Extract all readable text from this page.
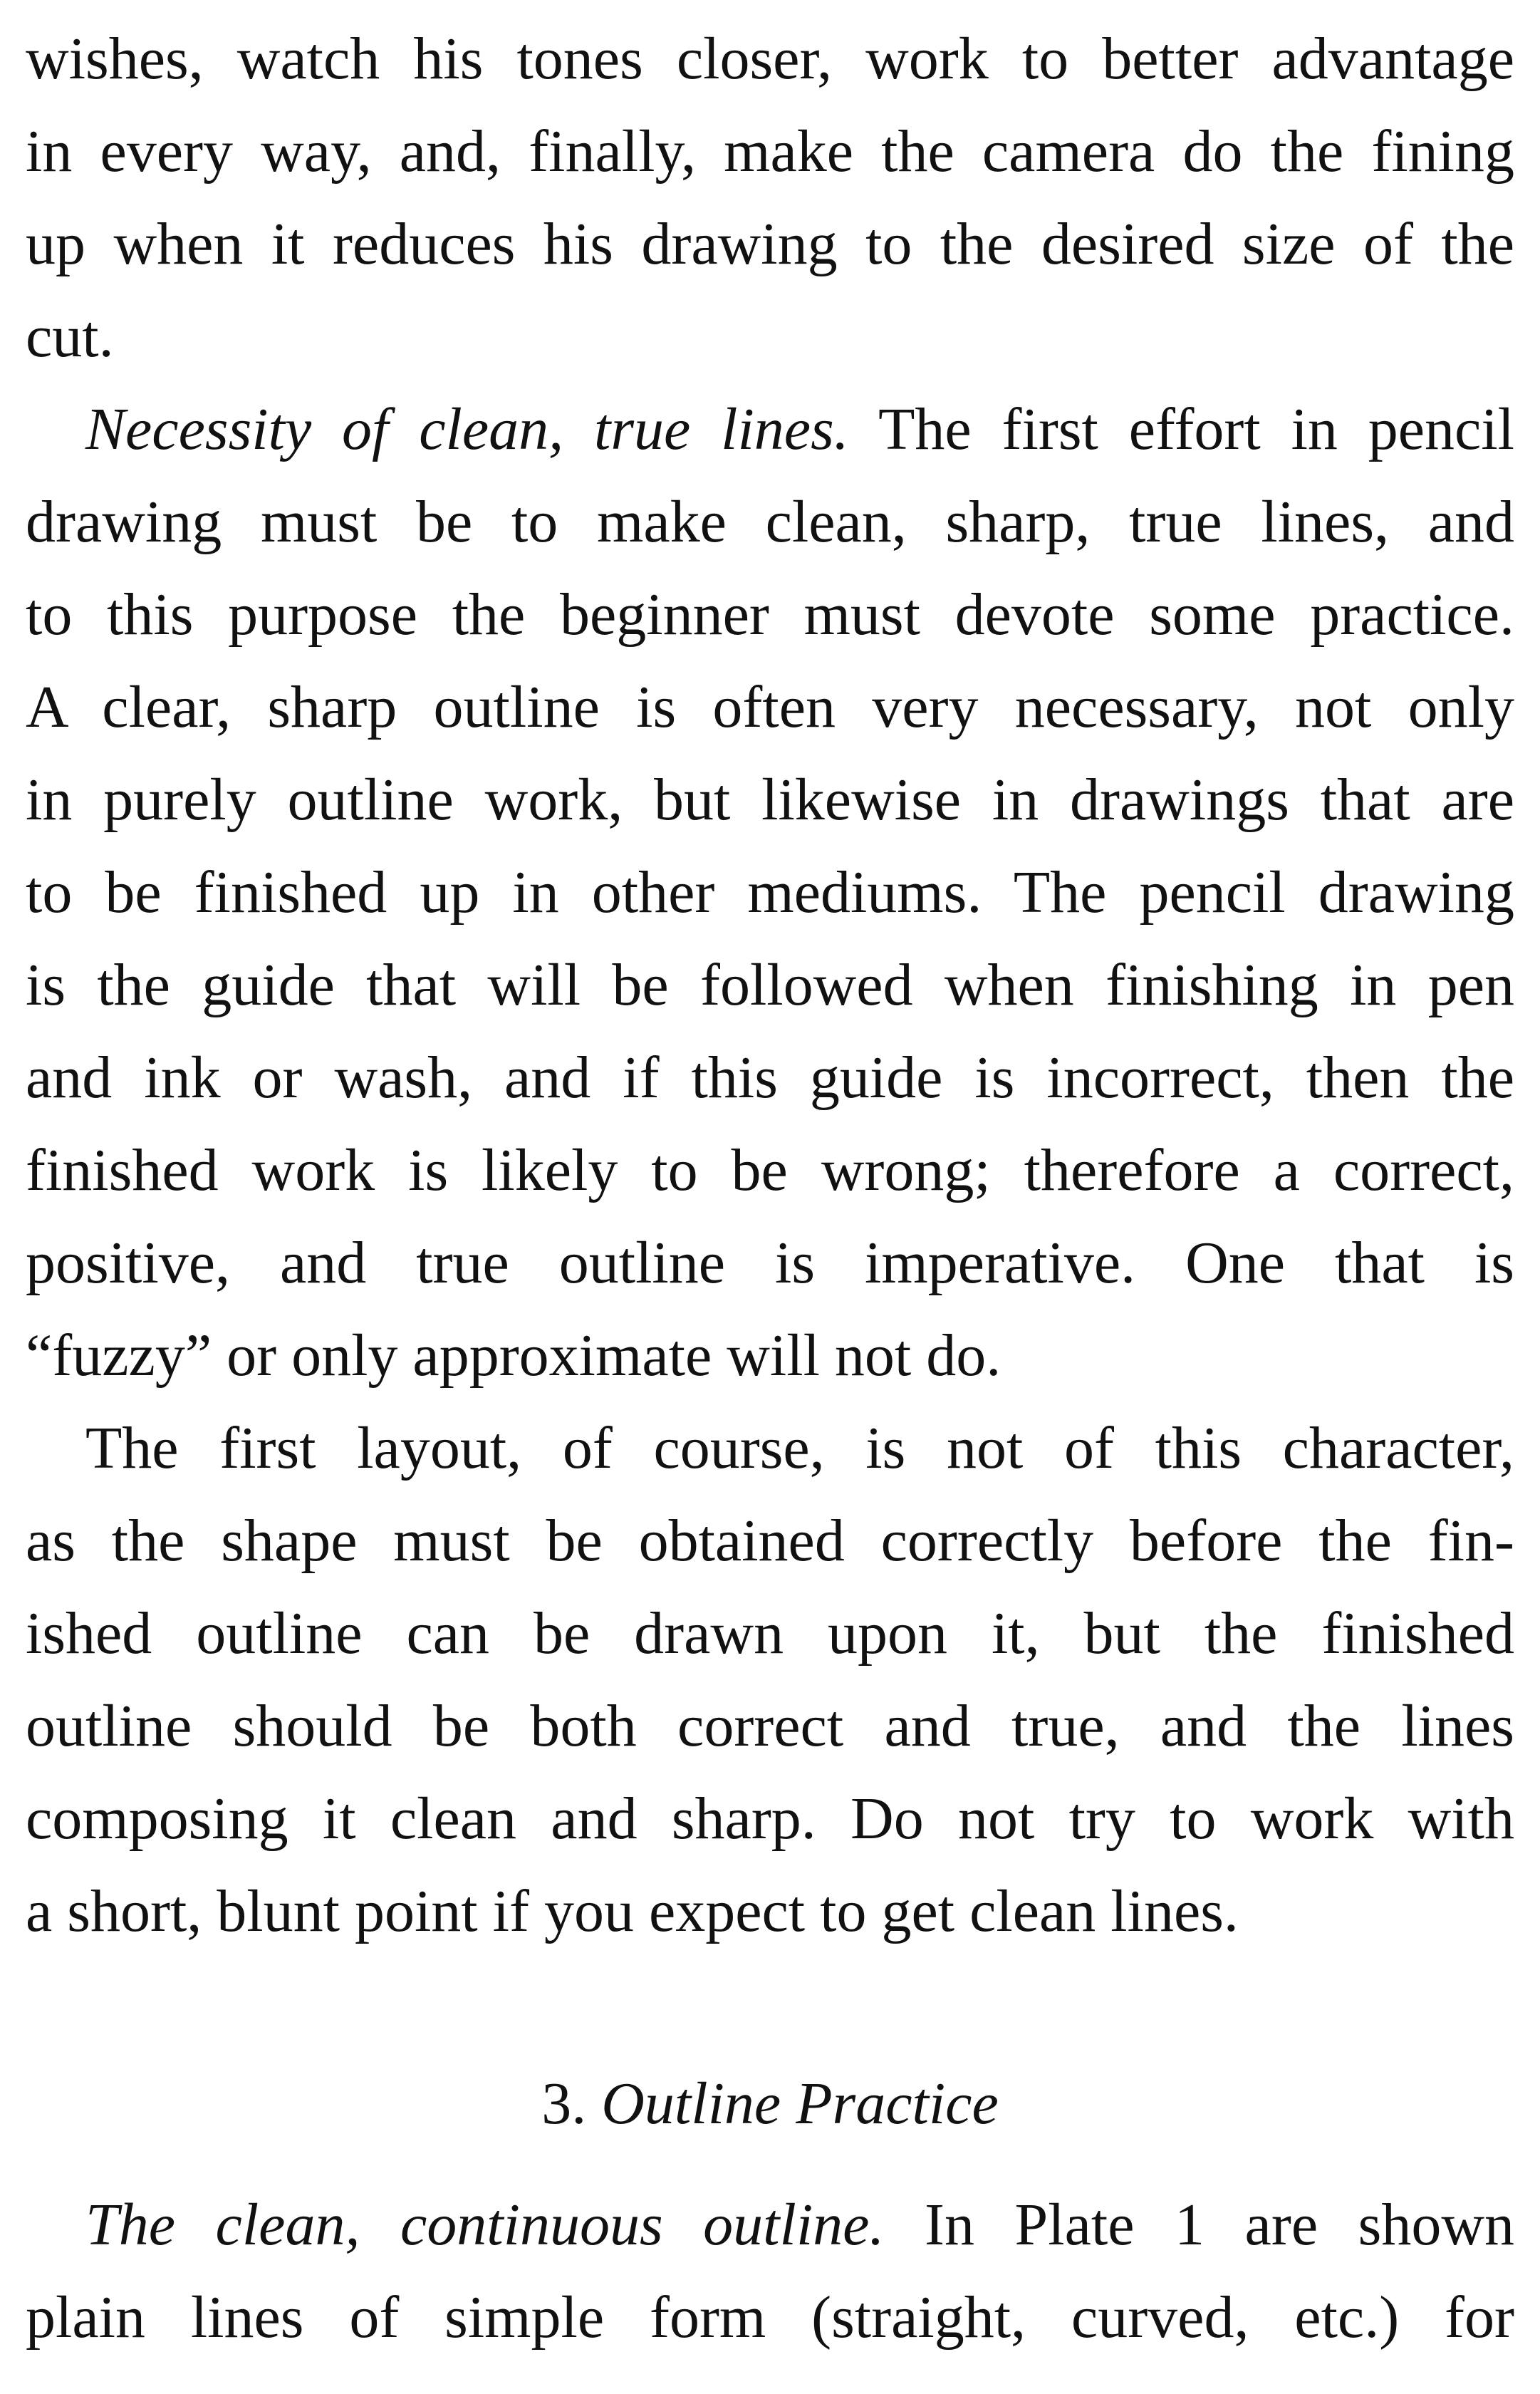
wishes, watch his tones closer, work to better advantage
in every way, and, finally, make the camera do the fining
up when it reduces his drawing to the desired size of the
cut.
Necessity of clean, true lines. The first effort in pencil
drawing must be to make clean, sharp, true lines, and
to this purpose the beginner must devote some practice.
A clear, sharp outline is often very necessary, not only
in purely outline work, but likewise in drawings that are
to be finished up in other mediums. The pencil drawing
is the guide that will be followed when finishing in pen
and ink or wash, and if this guide is incorrect, then the
finished work is likely to be wrong; therefore a correct,
positive, and true outline is imperative. One that is
“fuzzy” or only approximate will not do.
The first layout, of course, is not of this character,
as the shape must be obtained correctly before the fin-
ished outline can be drawn upon it, but the finished
outline should be both correct and true, and the lines
composing it clean and sharp. Do not try to work with
a short, blunt point if you expect to get clean lines.
3. Outline Practice
The clean, continuous outline. In Plate 1 are shown
plain lines of simple form (straight, curved, etc.) for
